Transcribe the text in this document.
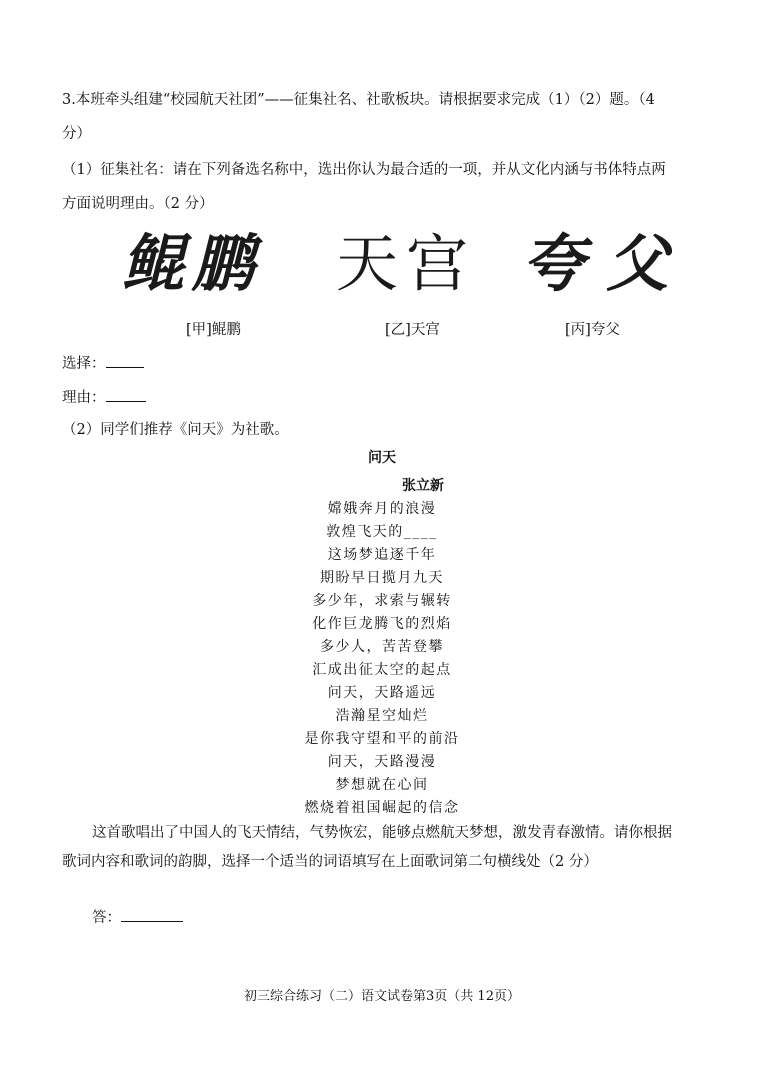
3.本班牵头组建“校园航天社团”——征集社名、社歌板块。请根据要求完成（1）（2）题。（4
分）
（1）征集社名：请在下列备选名称中，选出你认为最合适的一项，并从文化内涵与书体特点两
方面说明理由。（2 分）
鲲鹏 天宫 夸父
[甲]鲲鹏	[乙]天宫	[丙]夸父
选择：
理由：
（2）同学们推荐《问天》为社歌。
问天
张立新
嫦娥奔月的浪漫
敦煌飞天的____
这场梦追逐千年
期盼早日揽月九天
多少年，求索与辗转
化作巨龙腾飞的烈焰
多少人，苦苦登攀
汇成出征太空的起点
问天，天路遥远
浩瀚星空灿烂
是你我守望和平的前沿
问天，天路漫漫
梦想就在心间
燃烧着祖国崛起的信念
这首歌唱出了中国人的飞天情结，气势恢宏，能够点燃航天梦想，激发青春激情。请你根据
歌词内容和歌词的韵脚，选择一个适当的词语填写在上面歌词第二句横线处（2 分）
答：
初三综合练习（二）语文试卷第3页（共 12页）
